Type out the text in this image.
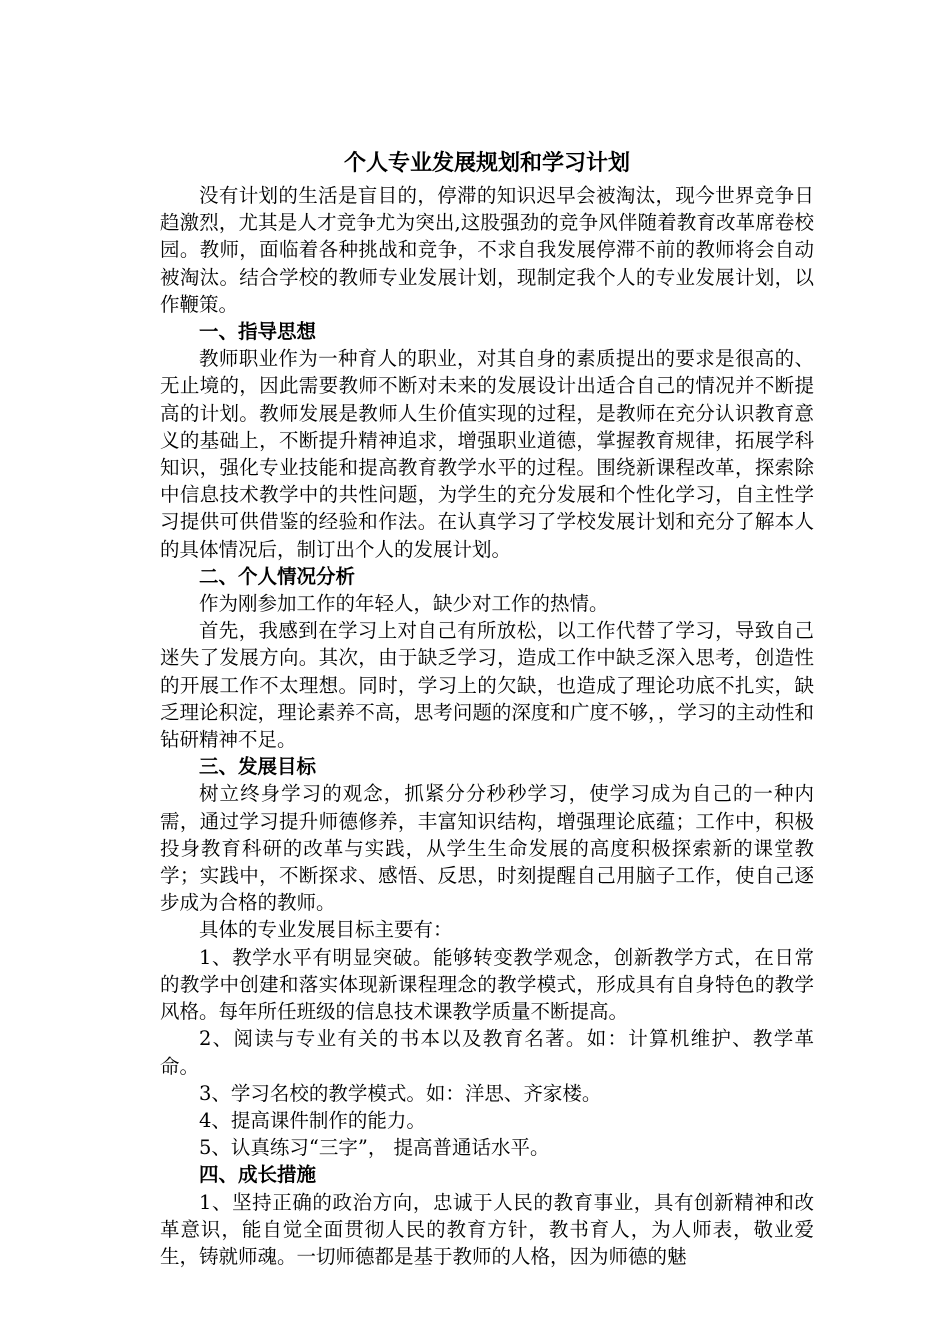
个人专业发展规划和学习计划

没有计划的生活是盲目的，停滞的知识迟早会被淘汰，现今世界竞争日趋激烈，尤其是人才竞争尤为突出,这股强劲的竞争风伴随着教育改革席卷校园。教师，面临着各种挑战和竞争，不求自我发展停滞不前的教师将会自动被淘汰。结合学校的教师专业发展计划，现制定我个人的专业发展计划，以作鞭策。

一、指导思想

教师职业作为一种育人的职业，对其自身的素质提出的要求是很高的、无止境的，因此需要教师不断对未来的发展设计出适合自己的情况并不断提高的计划。教师发展是教师人生价值实现的过程，是教师在充分认识教育意义的基础上，不断提升精神追求，增强职业道德，掌握教育规律，拓展学科知识，强化专业技能和提高教育教学水平的过程。围绕新课程改革，探索除中信息技术教学中的共性问题，为学生的充分发展和个性化学习，自主性学习提供可供借鉴的经验和作法。在认真学习了学校发展计划和充分了解本人的具体情况后，制订出个人的发展计划。

二、个人情况分析

作为刚参加工作的年轻人，缺少对工作的热情。

首先，我感到在学习上对自己有所放松，以工作代替了学习，导致自己迷失了发展方向。其次，由于缺乏学习，造成工作中缺乏深入思考，创造性的开展工作不太理想。同时，学习上的欠缺，也造成了理论功底不扎实，缺乏理论积淀，理论素养不高，思考问题的深度和广度不够，，学习的主动性和钻研精神不足。

三、发展目标

树立终身学习的观念，抓紧分分秒秒学习，使学习成为自己的一种内需，通过学习提升师德修养，丰富知识结构，增强理论底蕴；工作中，积极投身教育科研的改革与实践，从学生生命发展的高度积极探索新的课堂教学；实践中，不断探求、感悟、反思，时刻提醒自己用脑子工作，使自己逐步成为合格的教师。

具体的专业发展目标主要有：

1、教学水平有明显突破。能够转变教学观念，创新教学方式，在日常的教学中创建和落实体现新课程理念的教学模式，形成具有自身特色的教学风格。每年所任班级的信息技术课教学质量不断提高。

2、阅读与专业有关的书本以及教育名著。如：计算机维护、教学革命。

3、学习名校的教学模式。如：洋思、齐家楼。

4、提高课件制作的能力。

5、认真练习“三字”， 提高普通话水平。

四、成长措施

1、坚持正确的政治方向，忠诚于人民的教育事业，具有创新精神和改革意识，能自觉全面贯彻人民的教育方针，教书育人，为人师表，敬业爱生，铸就师魂。一切师德都是基于教师的人格，因为师德的魅
